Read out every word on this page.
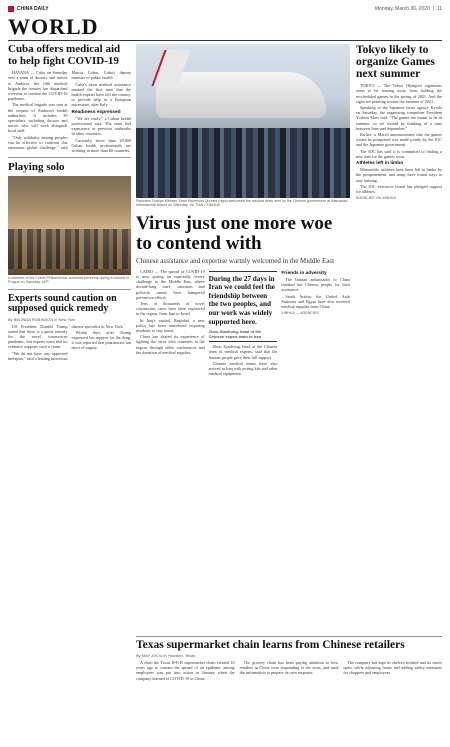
CHINA DAILY	Monday, March 30, 2020  |  11
WORLD
Cuba offers medical aid to help fight COVID-19

HAVANA — Cuba on Saturday sent a team of doctors and nurses to Andorra, the fifth medical brigade the country has dispatched overseas to combat the COVID-19 pandemic.

The medical brigade was sent at the request of Andorra's health authorities. It includes 39 specialists, including doctors and nurses who will work alongside local staff.

"Only solidarity among peoples can be effective to confront this enormous global challenge," said Marcia Cobas, Cuba's deputy minister of public health.

Cuba's latest medical assistance marked the first time that the health experts have left the country to provide help in a European microstate, after Italy.

Readiness expressed

"We are ready," a Cuban health professional said. The team had experience in previous outbreaks in other countries.

Currently, more than 29,000 Cuban health professionals are working in more than 60 countries.

Playing solo
A member of the Czech Philharmonic orchestra performs during a concert in Prague on Saturday. AFP
Experts sound caution on supposed quick remedy
By BELINDA ROBINSON in New York

US President Donald Trump stated that there is a quick remedy for the novel coronavirus pandemic, but experts warn that no evidence supports such a claim.

"We do not have any approved therapies," said a leading infectious disease specialist in New York.

Within days after Trump expressed his support for the drug, it was reported that pharmacies ran short of supply.

Pakistani Foreign Minister Shah Mahmood Qureshi (right) welcomed the medical team sent by the Chinese government at Islamabad International Airport on Saturday. XU TIAN / XINHUA
Virus just one more woe to contend with
Chinese assistance and expertise warmly welcomed in the Middle East

CAIRO — The spread of COVID-19 is now posing an especially severe challenge to the Middle East, where decade-long wars, sanctions and political unrest have hampered preventive efforts.

Tens of thousands of novel coronavirus cases have been registered in the region, from Iran to Israel.

In Iraq's capital, Baghdad, a new policy has been introduced requiring residents to stay home.

China has shared its experience of fighting the virus with countries in the region, through video conferences and the donation of medical supplies.

During the 27 days in Iran we could feel the friendship between the two peoples, and our work was widely supported here.
Zhou Xiaohong, head of the Chinese expert team to Iran

Zhou Xiaohong, head of the Chinese team of medical experts, said that the Iranian people gave their full support.

Chinese medical teams have also arrived in Iraq with testing kits and other medical equipment.

Friends in adversity

The Iranian ambassador to China thanked the Chinese people for their assistance.

Saudi Arabia, the United Arab Emirates and Egypt have also received medical supplies from China.

XINHUA — AGENCIES
Tokyo likely to organize Games next summer

TOKYO — The Tokyo Olympics organizers seem to be leaning away from holding the rescheduled games in the spring of 2021. And the signs are pointing toward the summer of 2021.

Speaking to the Japanese news agency Kyodo on Saturday, the organizing committee President Yoshiro Mori said: "The games are meant to be in summer, so we should be thinking of a time between June and September."

Earlier, a March announcement that the games would be postponed was made jointly by the IOC and the Japanese government.

The IOC has said it is committed to finding a new date for the games soon.

Athletes left in limbo

Meanwhile, athletes have been left in limbo by the postponement, and many have found ways to stay training.

The IOC executive board has pledged support for athletes.

AGENCIES VIA XINHUA
Texas supermarket chain learns from Chinese retailers
By MAY ZHOU in Houston, Texas

A chart the Texas H-E-B supermarket chain created 16 years ago to contain the spread of an epidemic among employees was put into action in January when the company learned of COVID-19 in China.

The grocery chain has been paying attention to how retailers in China were responding to the virus, and used the information to prepare its own response.

The company has kept its shelves stocked and its stores open, while adjusting hours and adding safety measures for shoppers and employees.
